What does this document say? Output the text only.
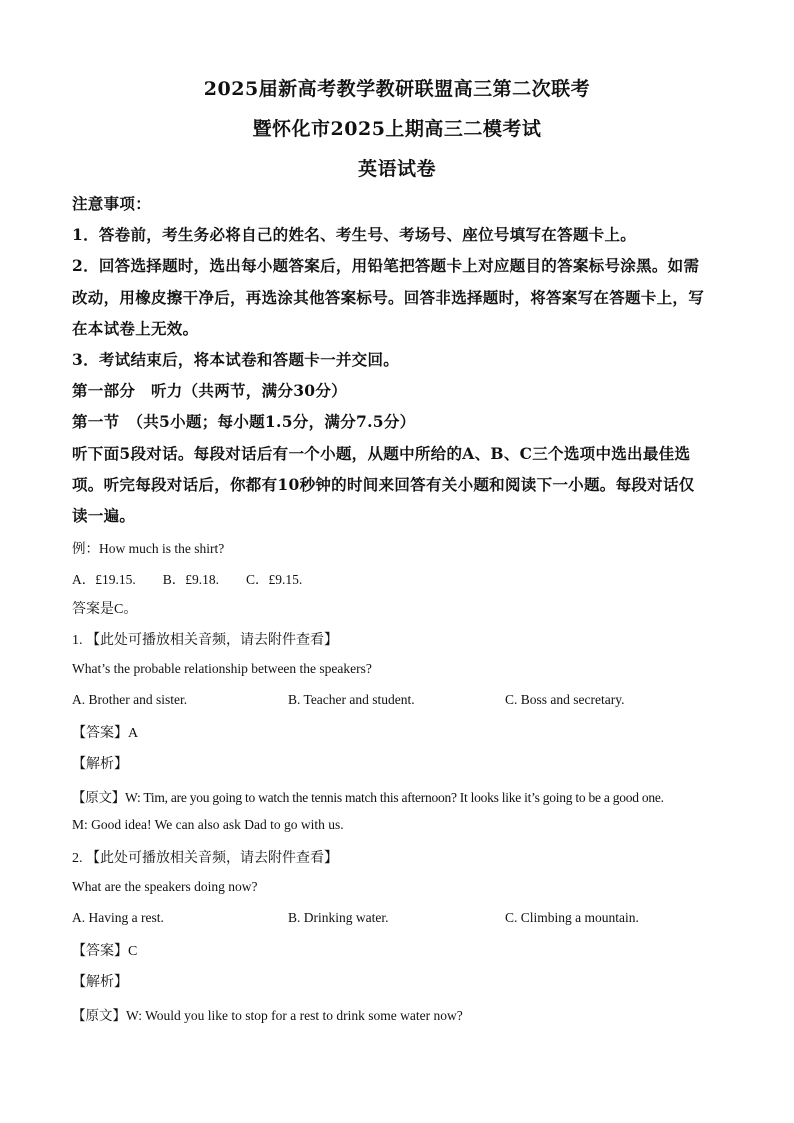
2025届新高考教学教研联盟高三第二次联考
暨怀化市2025上期高三二模考试
英语试卷
注意事项：
1．答卷前，考生务必将自己的姓名、考生号、考场号、座位号填写在答题卡上。
2．回答选择题时，选出每小题答案后，用铅笔把答题卡上对应题目的答案标号涂黑。如需
改动，用橡皮擦干净后，再选涂其他答案标号。回答非选择题时，将答案写在答题卡上，写
在本试卷上无效。
3．考试结束后，将本试卷和答题卡一并交回。
第一部分　听力（共两节，满分30分）
第一节　（共5小题；每小题1.5分，满分7.5分）
听下面5段对话。每段对话后有一个小题，从题中所给的A、B、C三个选项中选出最佳选
项。听完每段对话后，你都有10秒钟的时间来回答有关小题和阅读下一小题。每段对话仅
读一遍。
例：How much is the shirt?
A．£19.15.　　B．£9.18.　　C．£9.15.
答案是C。
1. 【此处可播放相关音频，请去附件查看】
What’s the probable relationship between the speakers?
A. Brother and sister.	B. Teacher and student.	C. Boss and secretary.
【答案】A
【解析】
【原文】W: Tim, are you going to watch the tennis match this afternoon? It looks like it’s going to be a good one.
M: Good idea! We can also ask Dad to go with us.
2. 【此处可播放相关音频，请去附件查看】
What are the speakers doing now?
A. Having a rest.	B. Drinking water.	C. Climbing a mountain.
【答案】C
【解析】
【原文】W: Would you like to stop for a rest to drink some water now?
